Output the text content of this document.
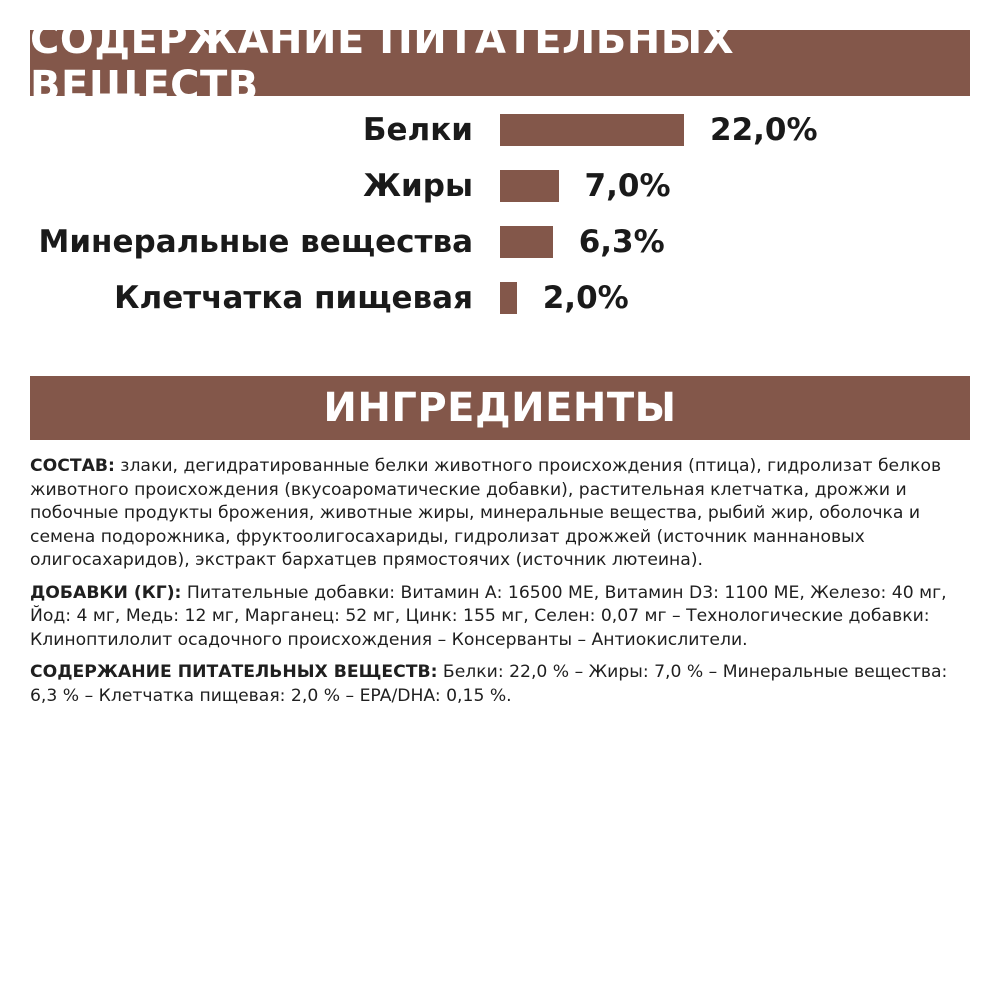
СОДЕРЖАНИЕ ПИТАТЕЛЬНЫХ ВЕЩЕСТВ
Белки	22,0%
Жиры	7,0%
Минеральные вещества	6,3%
Клетчатка пищевая 2,0%
ИНГРЕДИЕНТЫ

СОСТАВ: злаки, дегидратированные белки животного происхождения (птица), гидролизат белков животного происхождения (вкусоароматические добавки), растительная клетчатка, дрожжи и побочные продукты брожения, животные жиры, минеральные вещества, рыбий жир, оболочка и семена подорожника, фруктоолигосахариды, гидролизат дрожжей (источник маннановых олигосахаридов), экстракт бархатцев прямостоячих (источник лютеина).

ДОБАВКИ (КГ): Питательные добавки: Витамин А: 16500 МЕ, Витамин D3: 1100 МЕ, Железо: 40 мг, Йод: 4 мг, Медь: 12 мг, Марганец: 52 мг, Цинк: 155 мг, Селен: 0,07 мг – Технологические добавки: Клиноптилолит осадочного происхождения – Консерванты – Антиокислители.

СОДЕРЖАНИЕ ПИТАТЕЛЬНЫХ ВЕЩЕСТВ: Белки: 22,0 % – Жиры: 7,0 % – Минеральные вещества: 6,3 % – Клетчатка пищевая: 2,0 % – EPA/DHA: 0,15 %.
